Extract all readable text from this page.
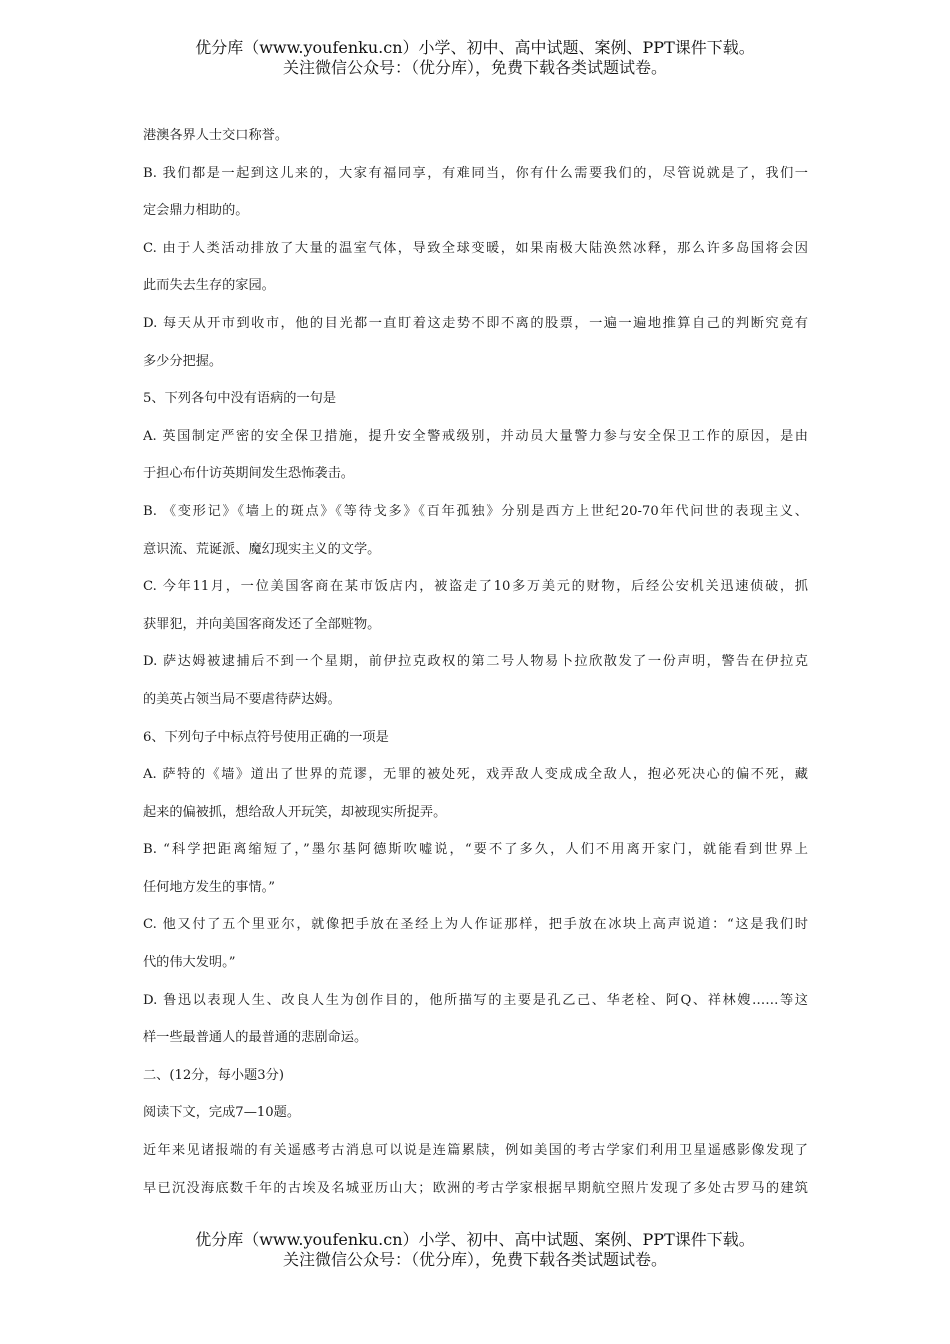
优分库（www.youfenku.cn）小学、初中、高中试题、案例、PPT课件下载。
关注微信公众号：（优分库），免费下载各类试题试卷。
港澳各界人士交口称誉。
B. 我们都是一起到这儿来的，大家有福同享，有难同当，你有什么需要我们的，尽管说就是了，我们一
定会鼎力相助的。
C. 由于人类活动排放了大量的温室气体，导致全球变暖，如果南极大陆涣然冰释，那么许多岛国将会因
此而失去生存的家园。
D. 每天从开市到收市，他的目光都一直盯着这走势不即不离的股票，一遍一遍地推算自己的判断究竟有
多少分把握。
5、下列各句中没有语病的一句是
A. 英国制定严密的安全保卫措施，提升安全警戒级别，并动员大量警力参与安全保卫工作的原因，是由
于担心布什访英期间发生恐怖袭击。
B. 《变形记》《墙上的斑点》《等待戈多》《百年孤独》分别是西方上世纪20-70年代问世的表现主义、
意识流、荒诞派、魔幻现实主义的文学。
C. 今年11月，一位美国客商在某市饭店内，被盗走了10多万美元的财物，后经公安机关迅速侦破，抓
获罪犯，并向美国客商发还了全部赃物。
D. 萨达姆被逮捕后不到一个星期，前伊拉克政权的第二号人物易卜拉欣散发了一份声明，警告在伊拉克
的美英占领当局不要虐待萨达姆。
6、下列句子中标点符号使用正确的一项是
A. 萨特的《墙》道出了世界的荒谬，无罪的被处死，戏弄敌人变成成全敌人，抱必死决心的偏不死，藏
起来的偏被抓，想给敌人开玩笑，却被现实所捉弄。
B. “科学把距离缩短了，”墨尔基阿德斯吹嘘说，“要不了多久，人们不用离开家门，就能看到世界上
任何地方发生的事情。”
C. 他又付了五个里亚尔，就像把手放在圣经上为人作证那样，把手放在冰块上高声说道：“这是我们时
代的伟大发明。”
D. 鲁迅以表现人生、改良人生为创作目的，他所描写的主要是孔乙己、华老栓、阿Q、祥林嫂……等这
样一些最普通人的最普通的悲剧命运。
二、(12分，每小题3分)
阅读下文，完成7—10题。
近年来见诸报端的有关遥感考古消息可以说是连篇累牍，例如美国的考古学家们利用卫星遥感影像发现了
早已沉没海底数千年的古埃及名城亚历山大；欧洲的考古学家根据早期航空照片发现了多处古罗马的建筑
优分库（www.youfenku.cn）小学、初中、高中试题、案例、PPT课件下载。
关注微信公众号：（优分库），免费下载各类试题试卷。
